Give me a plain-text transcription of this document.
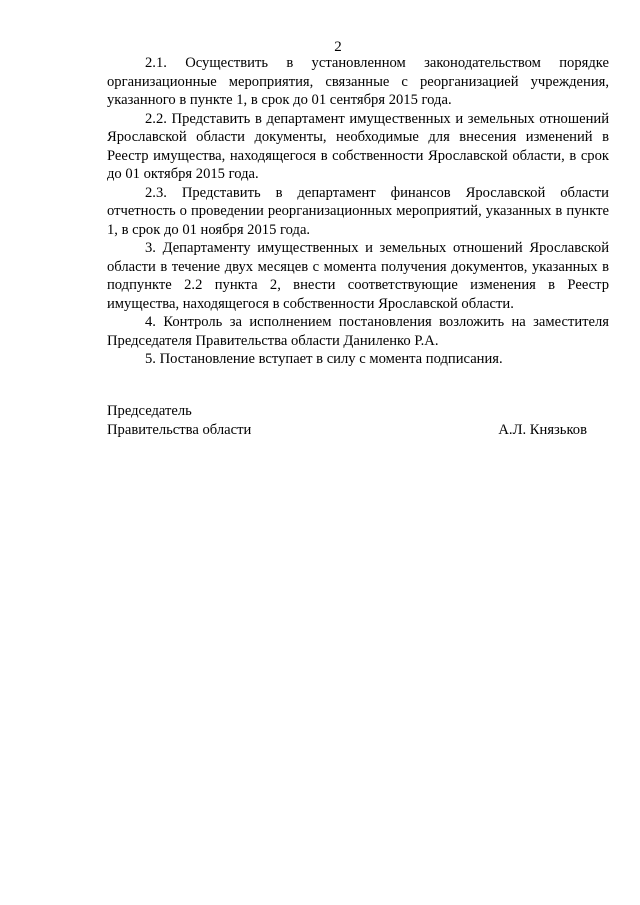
2

2.1. Осуществить в установленном законодательством порядке организационные мероприятия, связанные с реорганизацией учреждения, указанного в пункте 1, в срок до 01 сентября 2015 года.

2.2. Представить в департамент имущественных и земельных отношений Ярославской области документы, необходимые для внесения изменений в Реестр имущества, находящегося в собственности Ярославской области, в срок до 01 октября 2015 года.

2.3. Представить в департамент финансов Ярославской области отчетность о проведении реорганизационных мероприятий, указанных в пункте 1, в срок до 01 ноября 2015 года.

3. Департаменту имущественных и земельных отношений Ярославской области в течение двух месяцев с момента получения документов, указанных в подпункте 2.2 пункта 2, внести соответствующие изменения в Реестр имущества, находящегося в собственности Ярославской области.

4. Контроль за исполнением постановления возложить на заместителя Председателя Правительства области Даниленко Р.А.

5. Постановление вступает в силу с момента подписания.

Председатель
Правительства области	А.Л. Князьков
